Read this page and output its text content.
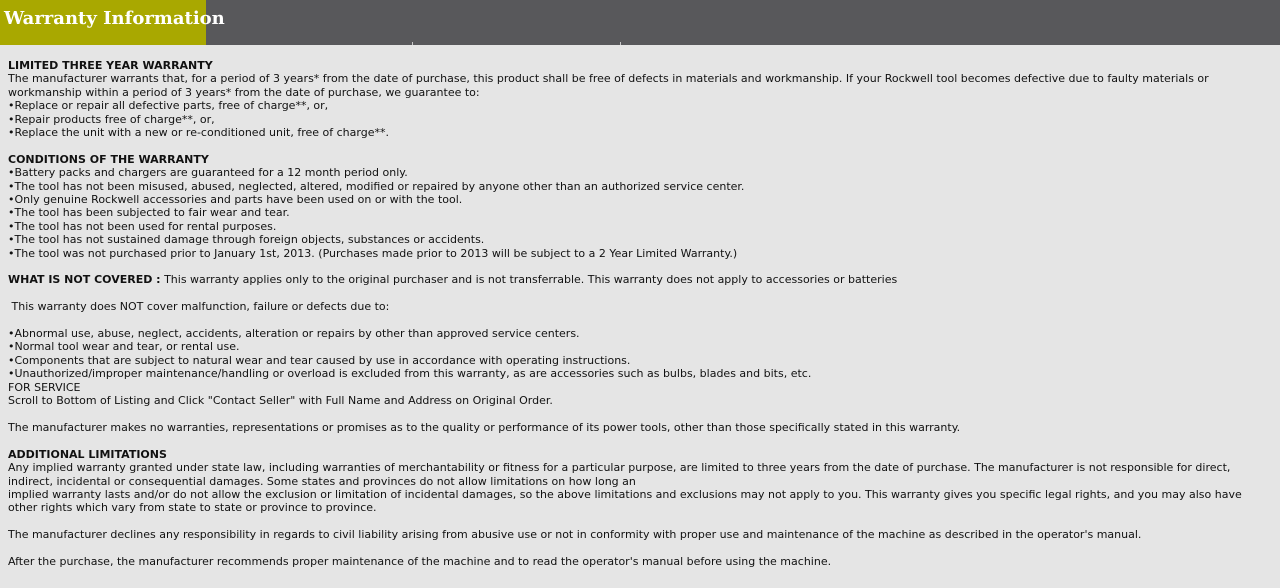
Warranty Information

LIMITED THREE YEAR WARRANTY

The manufacturer warrants that, for a period of 3 years* from the date of purchase, this product shall be free of defects in materials and workmanship. If your Rockwell tool becomes defective due to faulty materials or workmanship within a period of 3 years* from the date of purchase, we guarantee to:

• Replace or repair all defective parts, free of charge**, or,

• Repair products free of charge**, or,

• Replace the unit with a new or re-conditioned unit, free of charge**.

CONDITIONS OF THE WARRANTY

• Battery packs and chargers are guaranteed for a 12 month period only.

• The tool has not been misused, abused, neglected, altered, modified or repaired by anyone other than an authorized service center.

• Only genuine Rockwell accessories and parts have been used on or with the tool.

• The tool has been subjected to fair wear and tear.

• The tool has not been used for rental purposes.

• The tool has not sustained damage through foreign objects, substances or accidents.

• The tool was not purchased prior to January 1st, 2013. (Purchases made prior to 2013 will be subject to a 2 Year Limited Warranty.)

WHAT IS NOT COVERED : This warranty applies only to the original purchaser and is not transferrable. This warranty does not apply to accessories or batteries

This warranty does NOT cover malfunction, failure or defects due to:

• Abnormal use, abuse, neglect, accidents, alteration or repairs by other than approved service centers.

• Normal tool wear and tear, or rental use.

• Components that are subject to natural wear and tear caused by use in accordance with operating instructions.

• Unauthorized/improper maintenance/handling or overload is excluded from this warranty, as are accessories such as bulbs, blades and bits, etc.

FOR SERVICE

Scroll to Bottom of Listing and Click "Contact Seller" with Full Name and Address on Original Order.

The manufacturer makes no warranties, representations or promises as to the quality or performance of its power tools, other than those specifically stated in this warranty.

ADDITIONAL LIMITATIONS

Any implied warranty granted under state law, including warranties of merchantability or fitness for a particular purpose, are limited to three years from the date of purchase. The manufacturer is not responsible for direct, indirect, incidental or consequential damages. Some states and provinces do not allow limitations on how long an

implied warranty lasts and/or do not allow the exclusion or limitation of incidental damages, so the above limitations and exclusions may not apply to you. This warranty gives you specific legal rights, and you may also have other rights which vary from state to state or province to province.

The manufacturer declines any responsibility in regards to civil liability arising from abusive use or not in conformity with proper use and maintenance of the machine as described in the operator's manual.

After the purchase, the manufacturer recommends proper maintenance of the machine and to read the operator's manual before using the machine.
